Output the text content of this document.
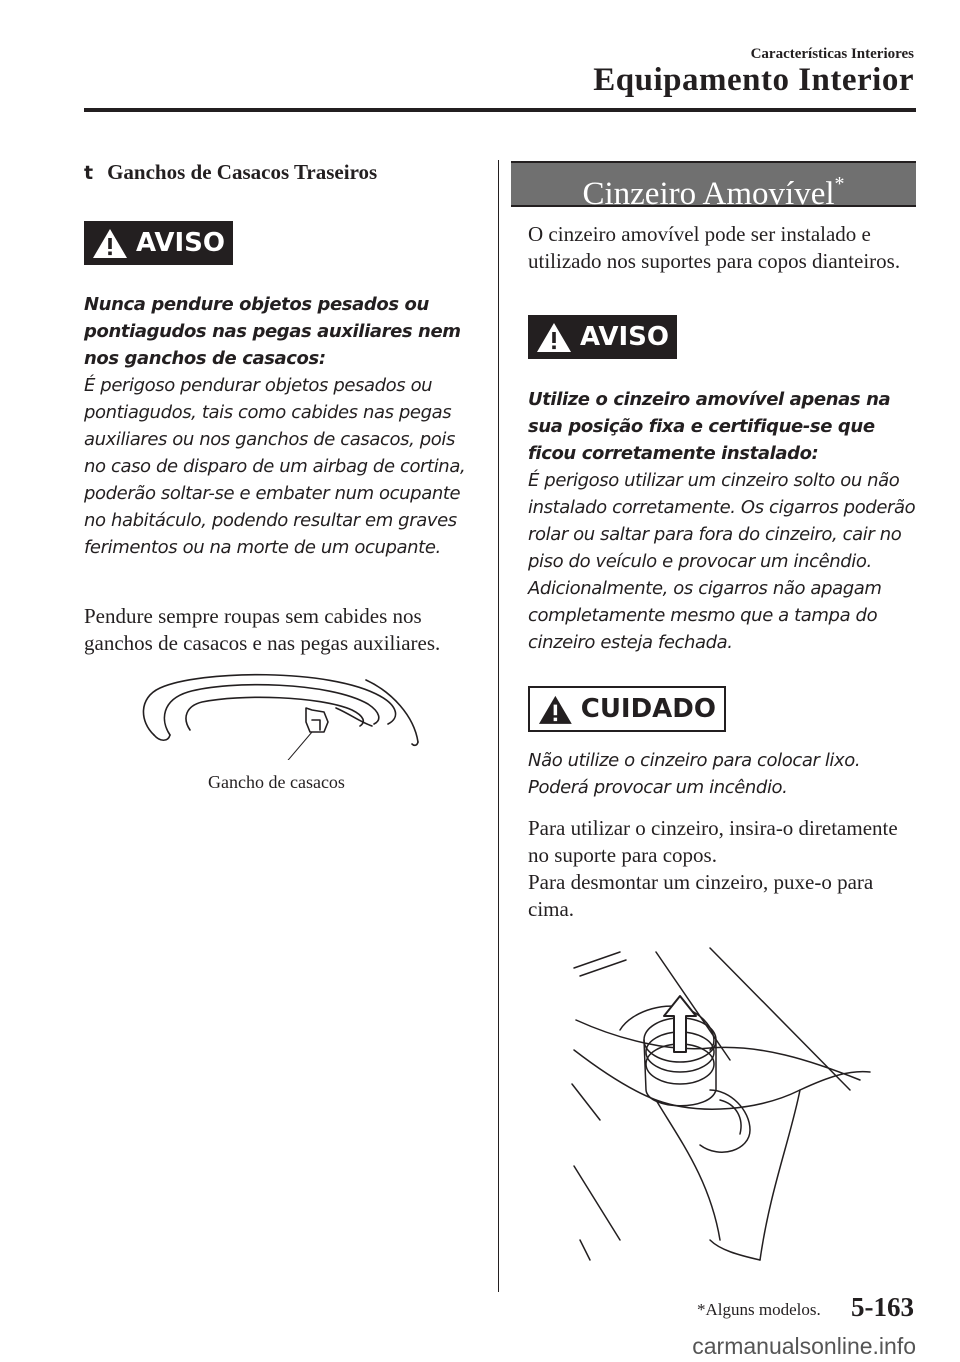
Características Interiores
Equipamento Interior
t Ganchos de Casacos Traseiros
AVISO

Nunca pendure objetos pesados ou pontiagudos nas pegas auxiliares nem nos ganchos de casacos:

É perigoso pendurar objetos pesados ou pontiagudos, tais como cabides nas pegas auxiliares ou nos ganchos de casacos, pois no caso de disparo de um airbag de cortina, poderão soltar-se e embater num ocupante no habitáculo, podendo resultar em graves ferimentos ou na morte de um ocupante.

Pendure sempre roupas sem cabides nos ganchos de casacos e nas pegas auxiliares.
Gancho de casacos
Cinzeiro Amovível*
O cinzeiro amovível pode ser instalado e utilizado nos suportes para copos dianteiros.
AVISO

Utilize o cinzeiro amovível apenas na sua posição fixa e certifique-se que ficou corretamente instalado:

É perigoso utilizar um cinzeiro solto ou não instalado corretamente. Os cigarros poderão rolar ou saltar para fora do cinzeiro, cair no piso do veículo e provocar um incêndio. Adicionalmente, os cigarros não apagam completamente mesmo que a tampa do cinzeiro esteja fechada.

CUIDADO
Não utilize o cinzeiro para colocar lixo. Poderá provocar um incêndio.

Para utilizar o cinzeiro, insira-o diretamente no suporte para copos.

Para desmontar um cinzeiro, puxe-o para cima.

*Alguns modelos. 5-163
carmanualsonline.info
